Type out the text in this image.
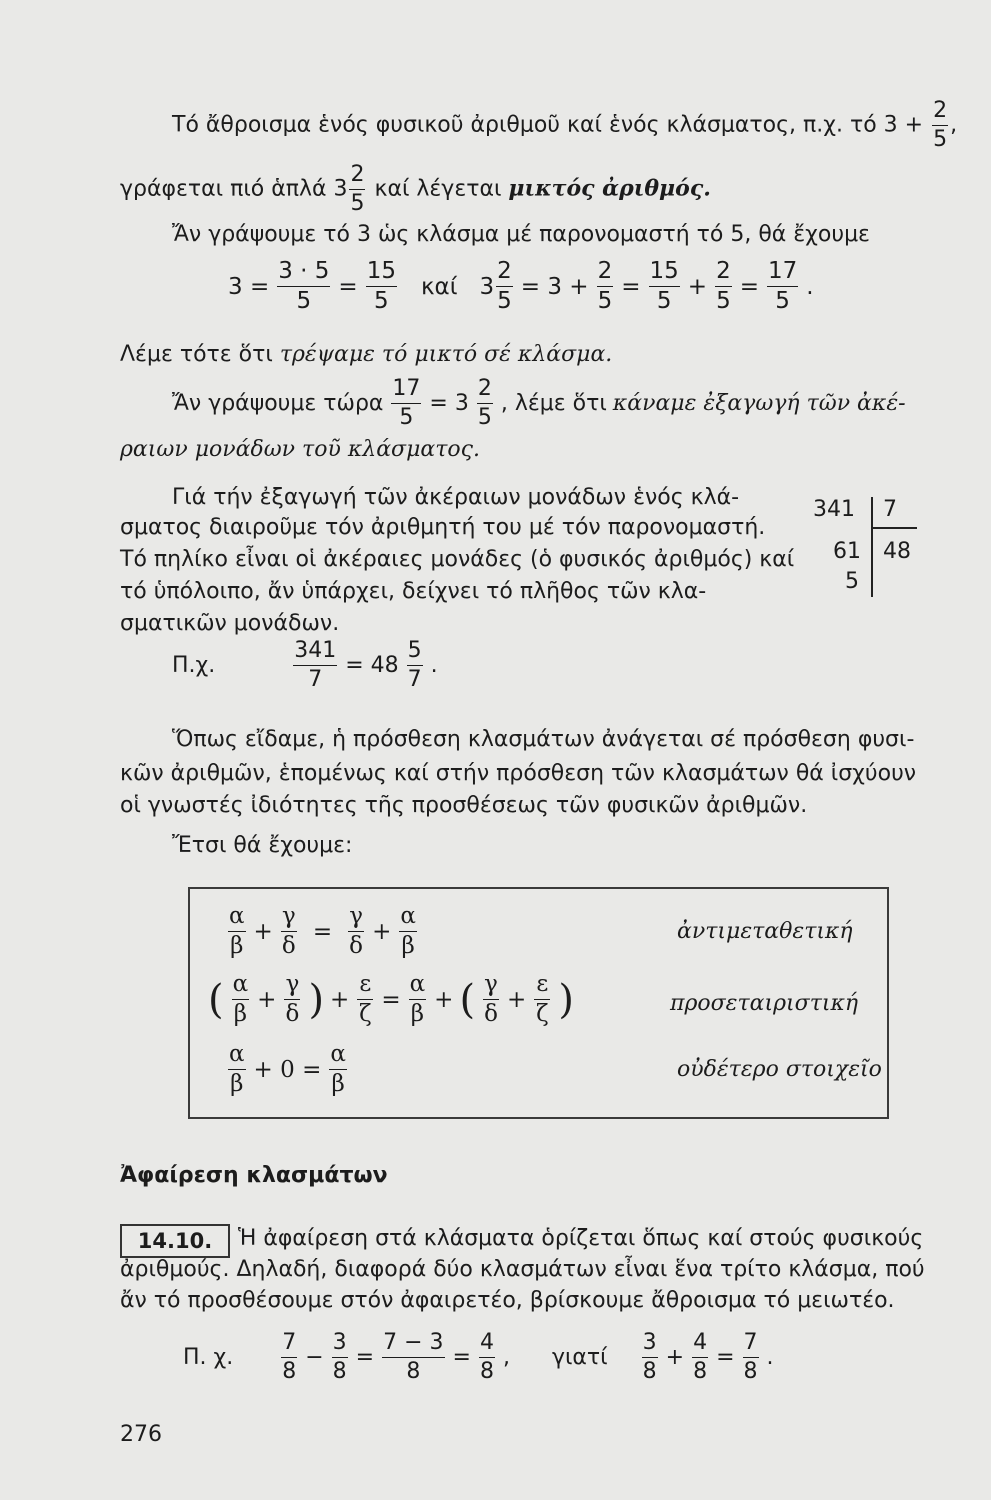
Τό ἄθροισμα ἑνός φυσικοῦ ἀριθμοῦ καί ἑνός κλάσματος, π.χ. τό $3 + \frac{2}{5}$ ,
γράφεται πιό ἁπλά $3 \frac{2}{5}$ καί λέγεται μικτός ἀριθμός.
Ἄν γράψουμε τό 3 ὡς κλάσμα μέ παρονομαστή τό 5, θά ἔχουμε
$3 = \frac{3 \cdot 5}{5} = \frac{15}{5}$ καί 3
2
5
= $3 + \frac{2}{5} = \frac{15}{5} + \frac{2}{5} = \frac{17}{5}$ .
Λέμε τότε ὅτι τρέψαμε τό μικτό σέ κλάσμα.
Ἄν γράψουμε τώρα $\frac{17}{5} = 3$
2
5
, λέμε ὅτι κάναμε ἐξαγωγή τῶν ἀκέ-
ραιων μονάδων τοῦ κλάσματος.
Γιά τήν ἐξαγωγή τῶν ἀκέραιων μονάδων ἑνός κλά-
σματος διαιροῦμε τόν ἀριθμητή του μέ τόν παρονομαστή.
Τό πηλίκο εἶναι οἱ ἀκέραιες μονάδες (ὁ φυσικός ἀριθμός) καί
τό ὑπόλοιπο, ἄν ὑπάρχει, δείχνει τό πλῆθος τῶν κλα-
σματικῶν μονάδων.
341
61
5
7
48
Π.χ.	$\frac{341}{7} = 48$
5
7
.
Ὅπως εἴδαμε, ἡ πρόσθεση κλασμάτων ἀνάγεται σέ πρόσθεση φυσι-
κῶν ἀριθμῶν, ἑπομένως καί στήν πρόσθεση τῶν κλασμάτων θά ἰσχύουν
οἱ γνωστές ἰδιότητες τῆς προσθέσεως τῶν φυσικῶν ἀριθμῶν.
Ἔτσι θά ἔχουμε:
α
β
+ $\frac{\gamma}{\delta} = \frac{\gamma}{\delta} + \frac{\alpha}{\beta}$	ἀντιμεταθετική
( α
β
+ $\frac{\gamma}{\delta}$ ) + $\frac{\varepsilon}{\zeta} = \frac{\alpha}{\beta}$ + ( γ
δ
+ $\frac{\varepsilon}{\zeta}$ )	προσεταιριστική
α
β
+ $0 = \frac{\alpha}{\beta}$	οὐδέτερο στοιχεῖο
Ἀφαίρεση κλασμάτων
14.10.	Ἡ ἀφαίρεση στά κλάσματα ὁρίζεται ὅπως καί στούς φυσικούς
ἀριθμούς. Δηλαδή, διαφορά δύο κλασμάτων εἶναι ἕνα τρίτο κλάσμα, πού
ἄν τό προσθέσουμε στόν ἀφαιρετέο, βρίσκουμε ἄθροισμα τό μειωτέο.
Π. χ.
7
8
− $\frac{3}{8} = \frac{7 - 3}{8} = \frac{4}{8}$ , γιατί
3
8
+ $\frac{4}{8} = \frac{7}{8}$ .
276
